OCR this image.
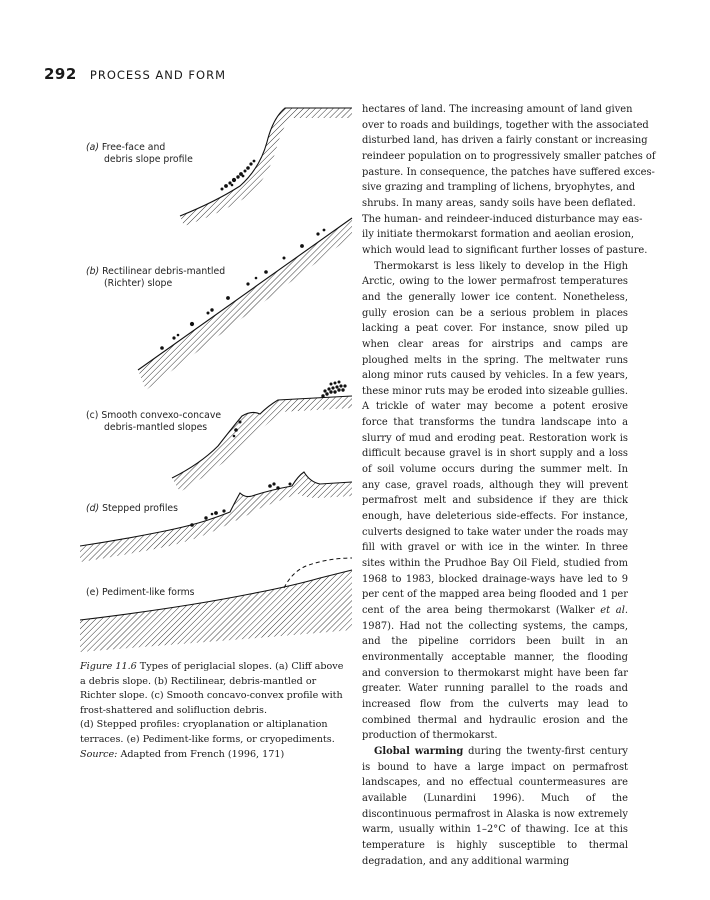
292 PROCESS AND FORM
(a) Free-face and
debris slope profile
(b) Rectilinear debris-mantled
(Richter) slope
(c) Smooth convexo-concave
debris-mantled slopes
(d) Stepped profiles
(e) Pediment-like forms

Figure 11.6 Types of periglacial slopes. (a) Cliff above a debris slope. (b) Rectilinear, debris-mantled or Richter slope. (c) Smooth concavo-convex profile with frost-shattered and solifluction debris.

(d) Stepped profiles: cryoplanation or altiplanation terraces. (e) Pediment-like forms, or cryopediments. Source: Adapted from French (1996, 171)

hectares of land. The increasing amount of land given
over to roads and buildings, together with the associated
disturbed land, has driven a fairly constant or increasing
reindeer population on to progressively smaller patches of
pasture. In consequence, the patches have suffered exces-
sive grazing and trampling of lichens, bryophytes, and
shrubs. In many areas, sandy soils have been deflated.
The human- and reindeer-induced disturbance may eas-
ily initiate thermokarst formation and aeolian erosion,
which would lead to significant further losses of pasture.

Thermokarst is less likely to develop in the High Arctic, owing to the lower permafrost temperatures and the generally lower ice content. Nonetheless, gully erosion can be a serious problem in places lacking a peat cover. For instance, snow piled up when clear areas for airstrips and camps are ploughed melts in the spring. The meltwater runs along minor ruts caused by vehicles. In a few years, these minor ruts may be eroded into sizeable gullies. A trickle of water may become a potent erosive force that transforms the tundra landscape into a slurry of mud and eroding peat. Restoration work is difficult because gravel is in short supply and a loss of soil volume occurs during the summer melt. In any case, gravel roads, although they will prevent permafrost melt and subsidence if they are thick enough, have deleterious side-effects. For instance, culverts designed to take water under the roads may fill with gravel or with ice in the winter. In three sites within the Prudhoe Bay Oil Field, studied from 1968 to 1983, blocked drainage-ways have led to 9 per cent of the mapped area being flooded and 1 per cent of the area being thermokarst (Walker et al. 1987). Had not the collecting systems, the camps, and the pipeline corridors been built in an environmentally acceptable manner, the flooding and conversion to thermokarst might have been far greater. Water running parallel to the roads and increased flow from the culverts may lead to combined thermal and hydraulic erosion and the production of thermokarst.

Global warming during the twenty-first century is bound to have a large impact on permafrost landscapes, and no effectual countermeasures are available (Lunardini 1996). Much of the discontinuous permafrost in Alaska is now extremely warm, usually within 1–2°C of thawing. Ice at this temperature is highly susceptible to thermal degradation, and any additional warming
